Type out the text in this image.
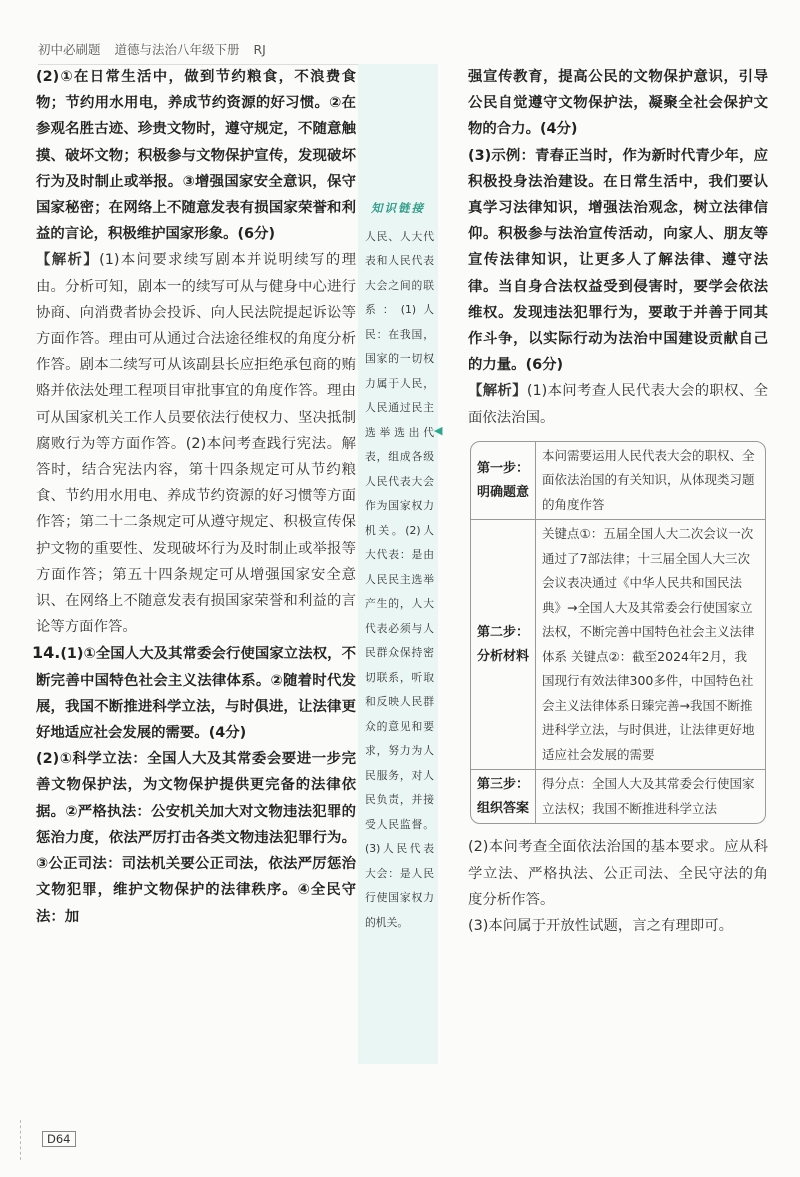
初中必刷题 道德与法治八年级下册 RJ

(2)①在日常生活中，做到节约粮食，不浪费食物；节约用水用电，养成节约资源的好习惯。②在参观名胜古迹、珍贵文物时，遵守规定，不随意触摸、破坏文物；积极参与文物保护宣传，发现破坏行为及时制止或举报。③增强国家安全意识，保守国家秘密；在网络上不随意发表有损国家荣誉和利益的言论，积极维护国家形象。(6分)

【解析】(1)本问要求续写剧本并说明续写的理由。分析可知，剧本一的续写可从与健身中心进行协商、向消费者协会投诉、向人民法院提起诉讼等方面作答。理由可从通过合法途径维权的角度分析作答。剧本二续写可从该副县长应拒绝承包商的贿赂并依法处理工程项目审批事宜的角度作答。理由可从国家机关工作人员要依法行使权力、坚决抵制腐败行为等方面作答。(2)本问考查践行宪法。解答时，结合宪法内容，第十四条规定可从节约粮食、节约用水用电、养成节约资源的好习惯等方面作答；第二十二条规定可从遵守规定、积极宣传保护文物的重要性、发现破坏行为及时制止或举报等方面作答；第五十四条规定可从增强国家安全意识、在网络上不随意发表有损国家荣誉和利益的言论等方面作答。

14.(1)①全国人大及其常委会行使国家立法权，不断完善中国特色社会主义法律体系。②随着时代发展，我国不断推进科学立法，与时俱进，让法律更好地适应社会发展的需要。(4分)

(2)①科学立法：全国人大及其常委会要进一步完善文物保护法，为文物保护提供更完备的法律依据。②严格执法：公安机关加大对文物违法犯罪的惩治力度，依法严厉打击各类文物违法犯罪行为。③公正司法：司法机关要公正司法，依法严厉惩治文物犯罪，维护文物保护的法律秩序。④全民守法：加

知识链接
人民、人大代表和人民代表大会之间的联系：(1)人民：在我国，国家的一切权力属于人民，人民通过民主选举选出代表，组成各级人民代表大会作为国家权力机关。(2)人大代表：是由人民民主选举产生的，人大代表必须与人民群众保持密切联系，听取和反映人民群众的意见和要求，努力为人民服务，对人民负责，并接受人民监督。(3)人民代表大会：是人民行使国家权力的机关。
◀

强宣传教育，提高公民的文物保护意识，引导公民自觉遵守文物保护法，凝聚全社会保护文物的合力。(4分)

(3)示例：青春正当时，作为新时代青少年，应积极投身法治建设。在日常生活中，我们要认真学习法律知识，增强法治观念，树立法律信仰。积极参与法治宣传活动，向家人、朋友等宣传法律知识，让更多人了解法律、遵守法律。当自身合法权益受到侵害时，要学会依法维权。发现违法犯罪行为，要敢于并善于同其作斗争，以实际行动为法治中国建设贡献自己的力量。(6分)

【解析】(1)本问考查人民代表大会的职权、全面依法治国。

第一步：明确题意
本问需要运用人民代表大会的职权、全面依法治国的有关知识，从体现类习题的角度作答
第二步：分析材料
关键点①：五届全国人大二次会议一次通过了7部法律；十三届全国人大三次会议表决通过《中华人民共和国民法典》→全国人大及其常委会行使国家立法权，不断完善中国特色社会主义法律体系 关键点②：截至2024年2月，我国现行有效法律300多件，中国特色社会主义法律体系日臻完善→我国不断推进科学立法，与时俱进，让法律更好地适应社会发展的需要
第三步：组织答案
得分点：全国人大及其常委会行使国家立法权；我国不断推进科学立法

(2)本问考查全面依法治国的基本要求。应从科学立法、严格执法、公正司法、全民守法的角度分析作答。

(3)本问属于开放性试题，言之有理即可。

D64
